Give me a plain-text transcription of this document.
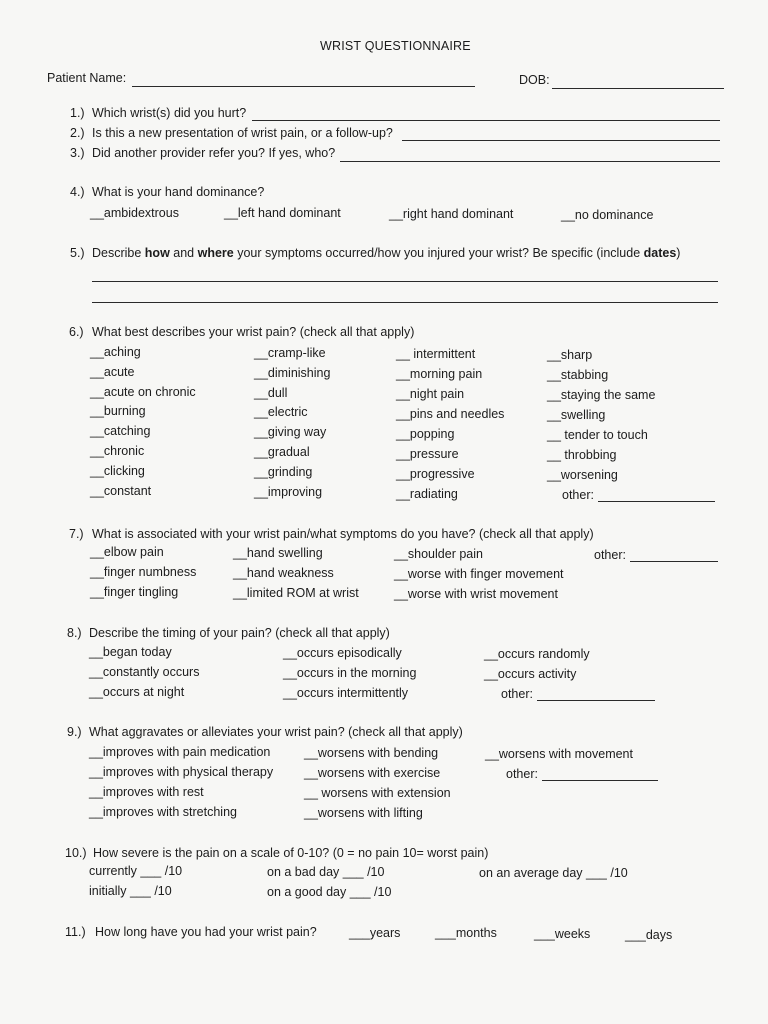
WRIST QUESTIONNAIRE
Patient Name:	DOB:
1.) Which wrist(s) did you hurt?
2.) Is this a new presentation of wrist pain, or a follow-up?
3.) Did another provider refer you? If yes, who?
4.) What is your hand dominance?
__ambidextrous	__left hand dominant	__right hand dominant	__no dominance
5.) Describe how and where your symptoms occurred/how you injured your wrist? Be specific (include dates)
6.) What best describes your wrist pain? (check all that apply)
__aching
__acute
__acute on chronic
__burning
__catching
__chronic
__clicking
__constant
__cramp-like
__diminishing
__dull
__electric
__giving way
__gradual
__grinding
__improving
__ intermittent
__morning pain
__night pain
__pins and needles
__popping
__pressure
__progressive
__radiating
__sharp
__stabbing
__staying the same
__swelling
__ tender to touch
__ throbbing
__worsening
other:
7.) What is associated with your wrist pain/what symptoms do you have? (check all that apply)
__elbow pain
__finger numbness
__finger tingling
__hand swelling
__hand weakness
__limited ROM at wrist
__shoulder pain
__worse with finger movement
__worse with wrist movement
other:
8.) Describe the timing of your pain? (check all that apply)
__began today
__constantly occurs
__occurs at night
__occurs episodically
__occurs in the morning
__occurs intermittently
__occurs randomly
__occurs activity
other:
9.) What aggravates or alleviates your wrist pain? (check all that apply)
__improves with pain medication
__improves with physical therapy
__improves with rest
__improves with stretching
__worsens with bending
__worsens with exercise
__ worsens with extension
__worsens with lifting
__worsens with movement
other:
10.) How severe is the pain on a scale of 0-10? (0 = no pain 10= worst pain)
currently ___ /10	on a bad day ___ /10	on an average day ___ /10
initially ___ /10	on a good day ___ /10
11.) How long have you had your wrist pain?	___years	___months	___weeks	___days
